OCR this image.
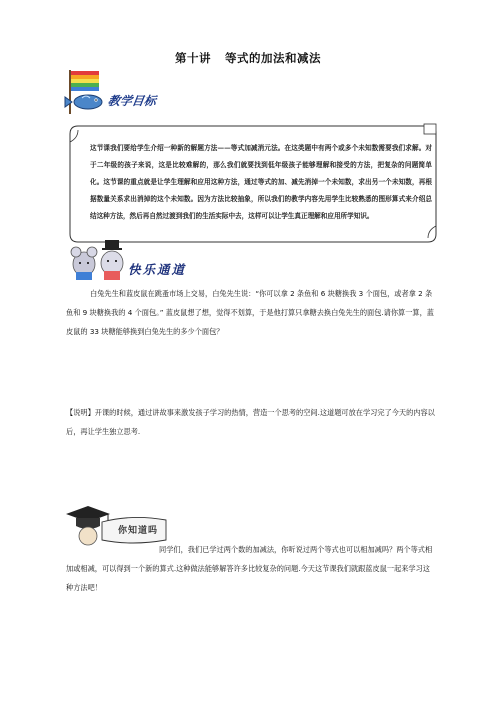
第十讲 等式的加法和减法
教学目标
这节课我们要给学生介绍一种新的解题方法——等式加减消元法。在这类题中有两个或多个未知数需要我们求解。对于二年级的孩子来说，这是比较难解的，那么我们就要找到低年级孩子能够理解和接受的方法，把复杂的问题简单化。这节课的重点就是让学生理解和应用这种方法，通过等式的加、减先消掉一个未知数，求出另一个未知数，再根据数量关系求出消掉的这个未知数。因为方法比较抽象，所以我们的教学内容先用学生比较熟悉的图形算式来介绍总结这种方法，然后再自然过渡到我们的生活实际中去，这样可以让学生真正理解和应用所学知识。
快乐通道
白兔先生和蓝皮鼠在跳蚤市场上交易，白兔先生说：“你可以拿 2 条鱼和 6 块糖换我 3 个面包，或者拿 2 条鱼和 9 块糖换我的 4 个面包。” 蓝皮鼠想了想，觉得不划算，于是他打算只拿糖去换白兔先生的面包.请你算一算，蓝皮鼠的 33 块糖能够换到白兔先生的多少个面包？
【说明】开课的时候，通过讲故事来激发孩子学习的热情，营造一个思考的空间.这道题可放在学习完了今天的内容以后，再让学生独立思考.
你知道吗
同学们，我们已学过两个数的加减法，你听说过两个等式也可以相加减吗？两个等式相加或相减，可以得到一个新的算式.这种做法能够解答许多比较复杂的问题.今天这节课我们就跟蓝皮鼠一起来学习这种方法吧！
